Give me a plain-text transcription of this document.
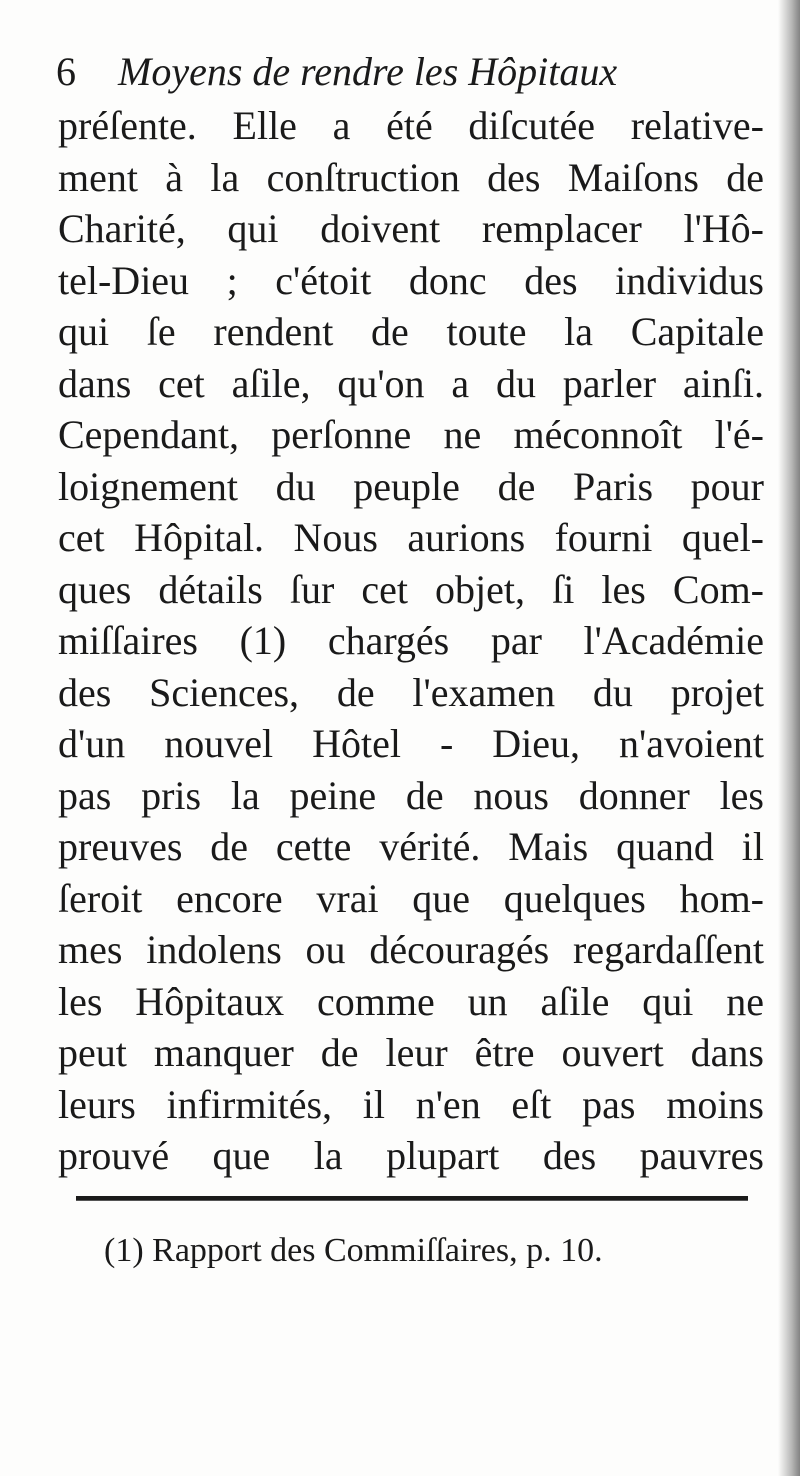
6 Moyens de rendre les Hôpitaux
préſente. Elle a été diſcutée relative-
ment à la conſtruction des Maiſons de
Charité, qui doivent remplacer l'Hô-
tel-Dieu ; c'étoit donc des individus
qui ſe rendent de toute la Capitale
dans cet aſile, qu'on a du parler ainſi.
Cependant, perſonne ne méconnoît l'é-
loignement du peuple de Paris pour
cet Hôpital. Nous aurions fourni quel-
ques détails ſur cet objet, ſi les Com-
miſſaires (1) chargés par l'Académie
des Sciences, de l'examen du projet
d'un nouvel Hôtel - Dieu, n'avoient
pas pris la peine de nous donner les
preuves de cette vérité. Mais quand il
ſeroit encore vrai que quelques hom-
mes indolens ou découragés regardaſſent
les Hôpitaux comme un aſile qui ne
peut manquer de leur être ouvert dans
leurs infirmités, il n'en eſt pas moins
prouvé que la plupart des pauvres
(1) Rapport des Commiſſaires, p. 10.
